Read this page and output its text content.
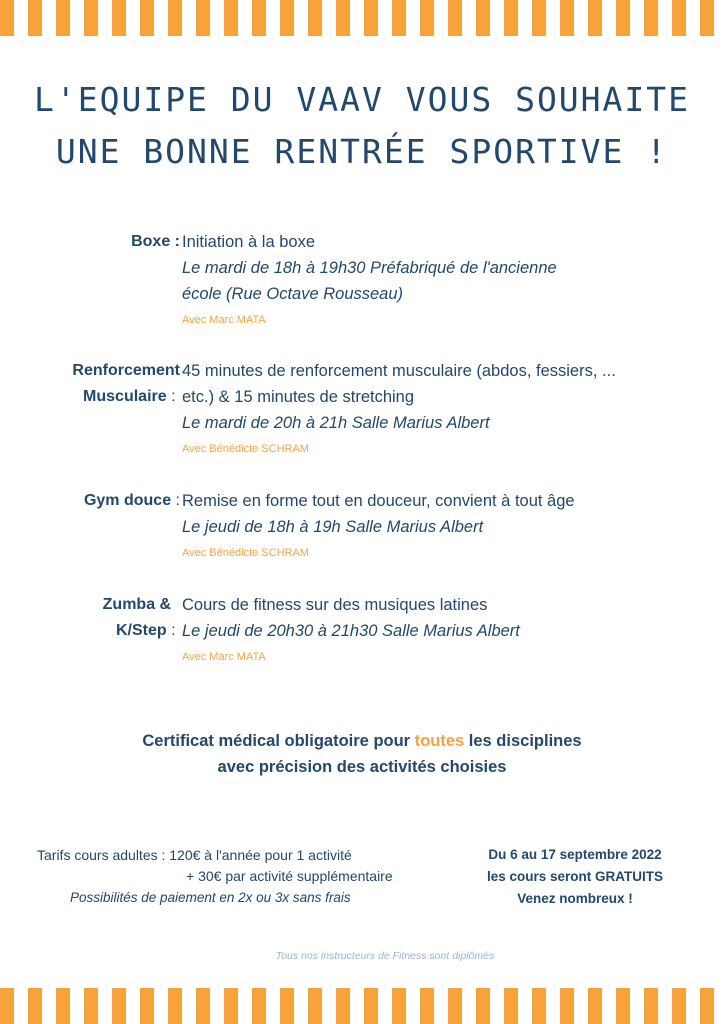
L'EQUIPE DU VAAV VOUS SOUHAITE
UNE BONNE RENTRÉE SPORTIVE !
Boxe : Initiation à la boxe
Le mardi de 18h à 19h30 Préfabriqué de l'ancienne
école (Rue Octave Rousseau)
Avec Marc MATA
Renforcement
Musculaire :
45 minutes de renforcement musculaire (abdos, fessiers, ...
etc.) & 15 minutes de stretching
Le mardi de 20h à 21h Salle Marius Albert
Avec Bénédicte SCHRAM
Gym douce : Remise en forme tout en douceur, convient à tout âge
Le jeudi de 18h à 19h Salle Marius Albert
Avec Bénédicte SCHRAM
Zumba &
K/Step :
Cours de fitness sur des musiques latines
Le jeudi de 20h30 à 21h30 Salle Marius Albert
Avec Marc MATA
Certificat médical obligatoire pour toutes les disciplines
avec précision des activités choisies
Tarifs cours adultes : 120€ à l'année pour 1 activité
+ 30€ par activité supplémentaire
Possibilités de paiement en 2x ou 3x sans frais
Du 6 au 17 septembre 2022
les cours seront GRATUITS
Venez nombreux !
Tous nos instructeurs de Fitness sont diplômés
